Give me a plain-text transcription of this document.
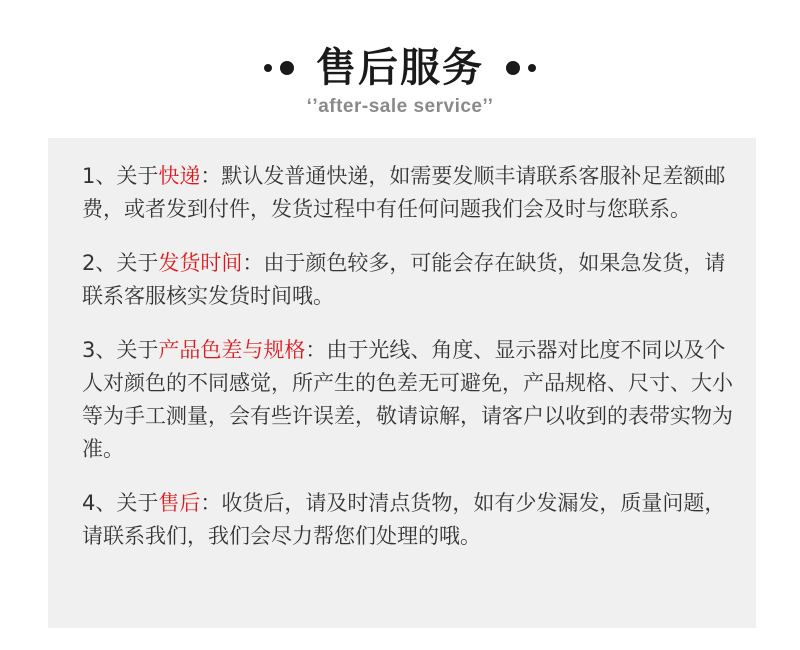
售后服务
‘’after-sale service’’
1、关于快递：默认发普通快递，如需要发顺丰请联系客服补足差额邮费，或者发到付件，发货过程中有任何问题我们会及时与您联系。
2、关于发货时间：由于颜色较多，可能会存在缺货，如果急发货，请联系客服核实发货时间哦。
3、关于产品色差与规格：由于光线、角度、显示器对比度不同以及个人对颜色的不同感觉，所产生的色差无可避免，产品规格、尺寸、大小等为手工测量，会有些许误差，敬请谅解，请客户以收到的表带实物为准。
4、关于售后：收货后，请及时清点货物，如有少发漏发，质量问题，请联系我们，我们会尽力帮您们处理的哦。
